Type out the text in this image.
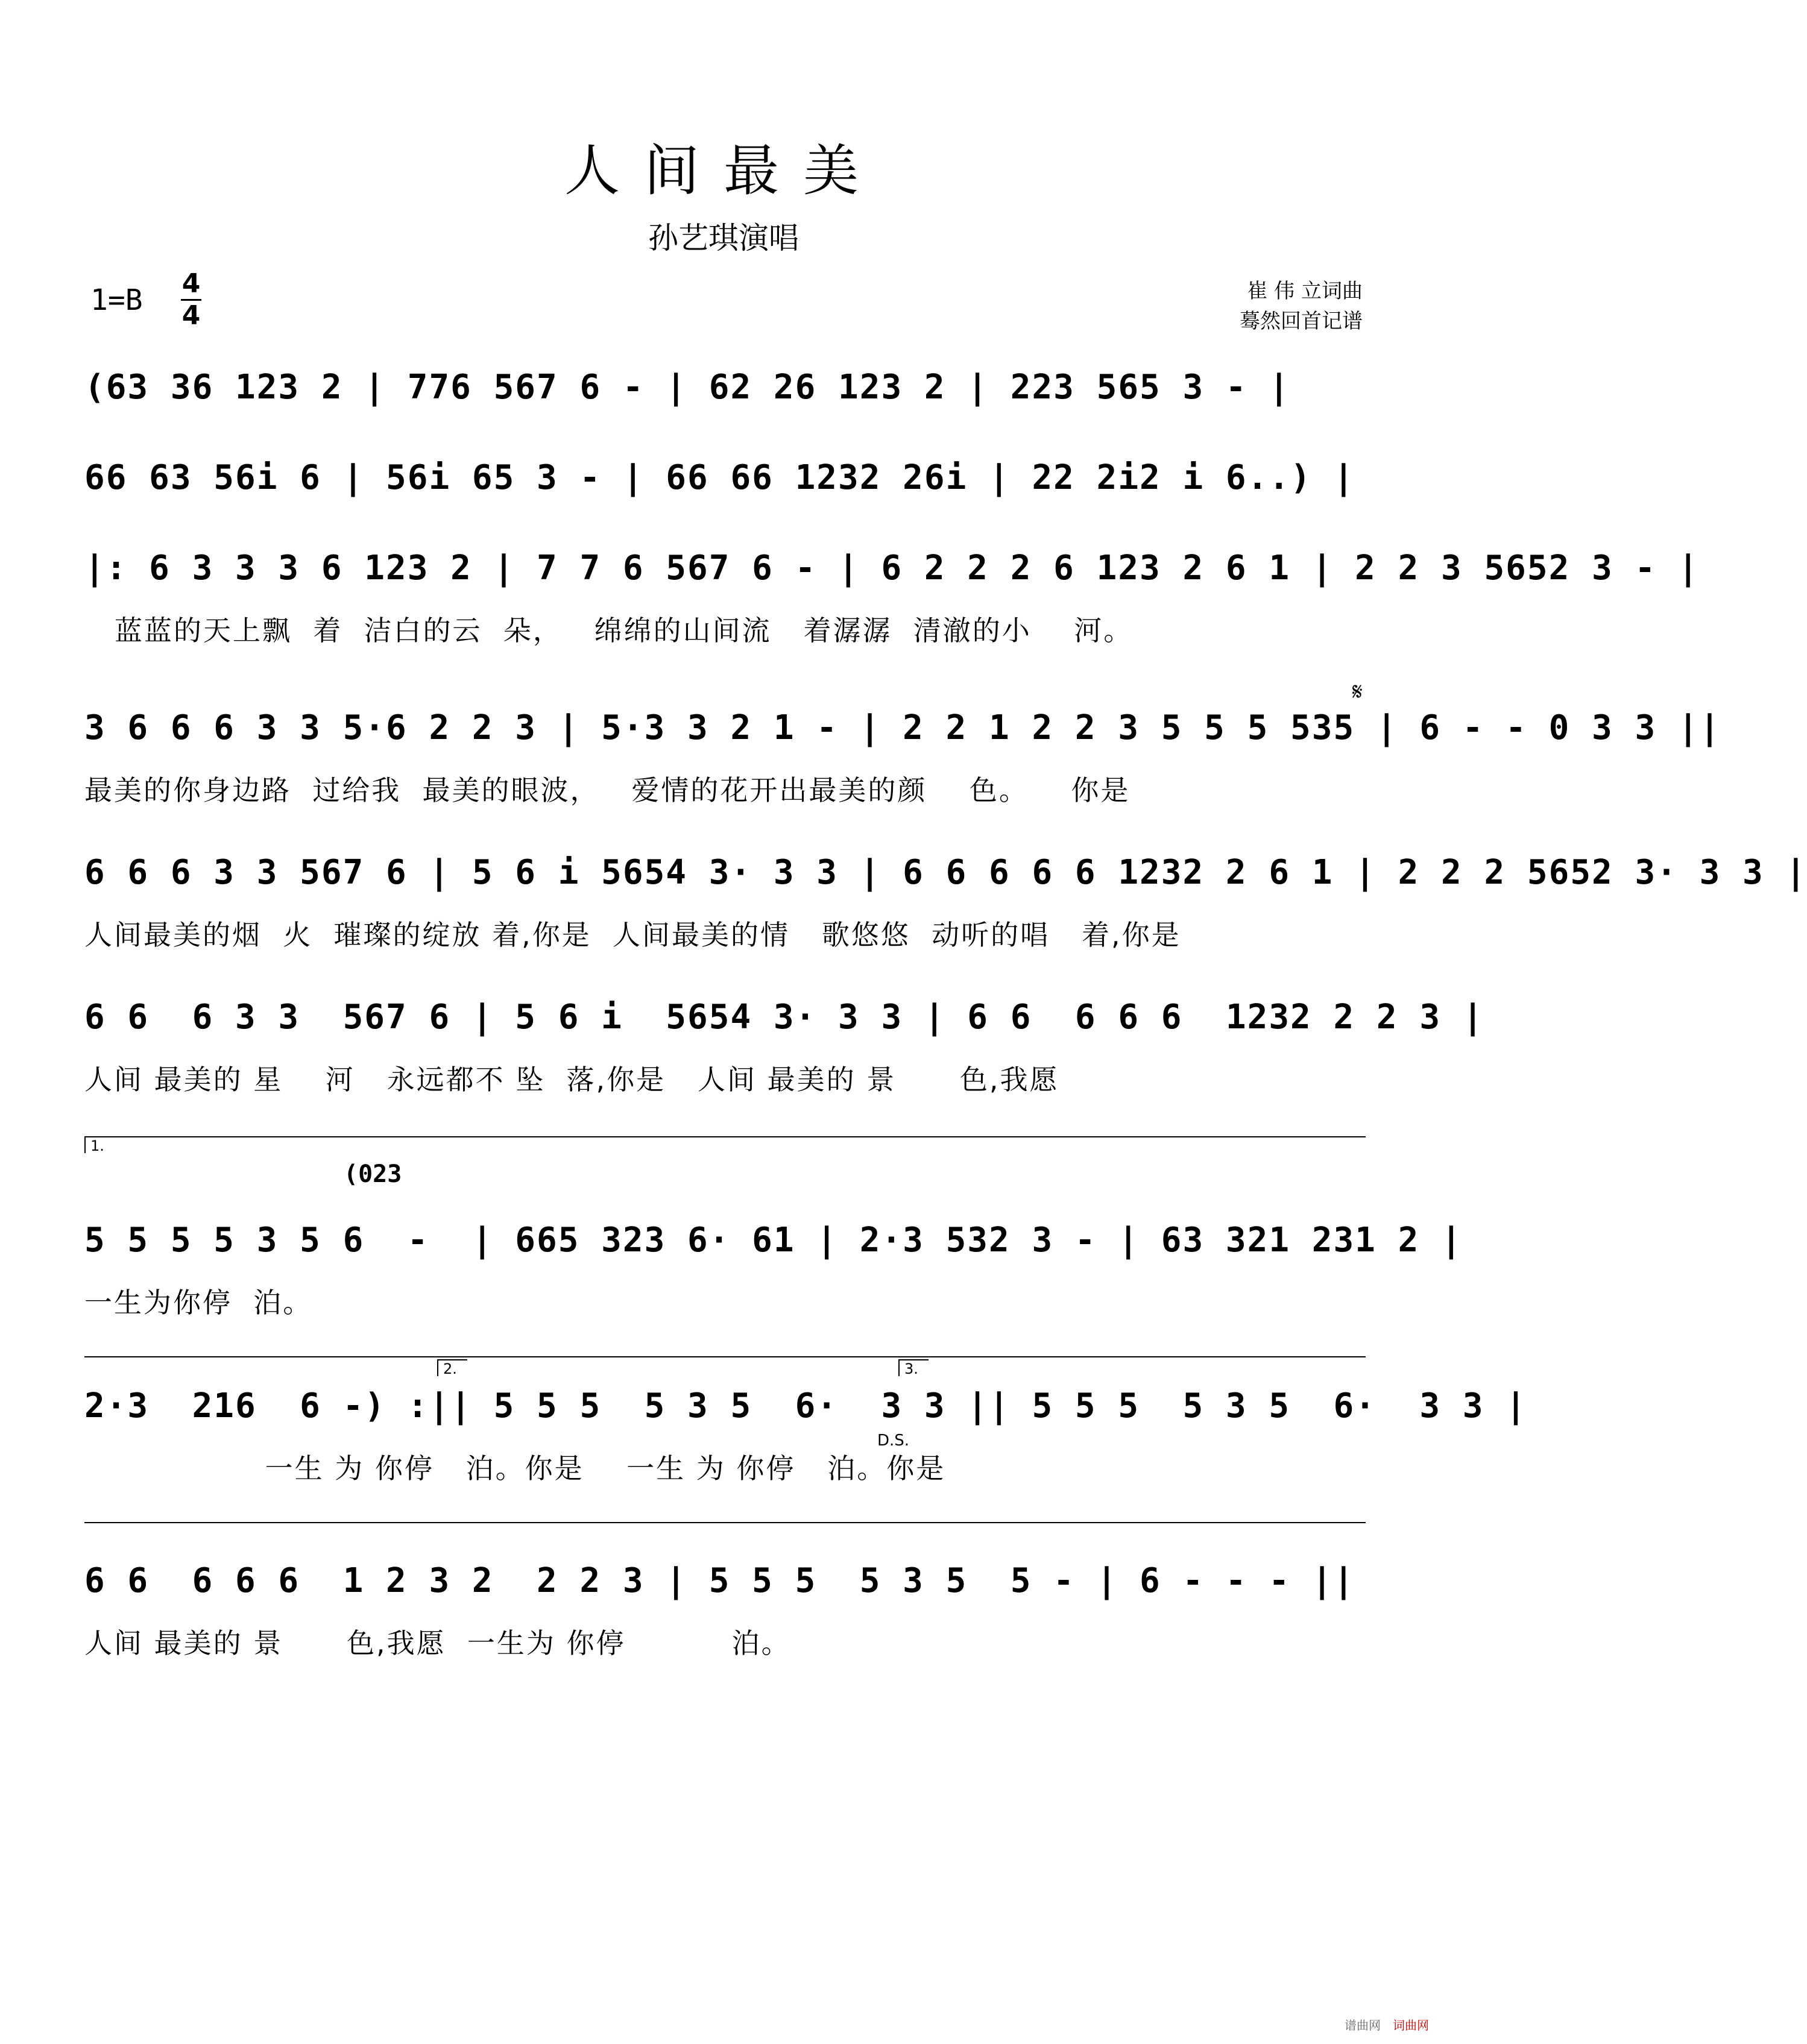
人间最美
孙艺琪演唱
1=B 4
4
崔 伟 立词曲
蓦然回首记谱
(63 36 123 2 | 776 567 6 - | 62 26 123 2 | 223 565 3 - |
66 63 56i 6 | 56i 65 3 - | 66 66 1232 26i | 22 2i2 i 6..) |
|: 6 3 3 3 6 123 2 | 7 7 6 567 6 - | 6 2 2 2 6 123 2 6 1 | 2 2 3 5652 3 - |
蓝蓝的天上飘  着  洁白的云  朵，   绵绵的山间流   着潺潺  清澈的小    河。
𝄋
3 6 6 6 3 3 5·6 2 2 3 | 5·3 3 2 1 - | 2 2 1 2 2 3 5 5 5 535 | 6 - - 0 3 3 ||
最美的你身边路  过给我  最美的眼波，   爱情的花开出最美的颜    色。    你是
6 6 6 3 3 567 6 | 5 6 i 5654 3· 3 3 | 6 6 6 6 6 1232 2 6 1 | 2 2 2 5652 3· 3 3 |
人间最美的烟  火  璀璨的绽放 着,你是  人间最美的情   歌悠悠  动听的唱   着,你是
6 6  6 3 3  567 6 | 5 6 i  5654 3· 3 3 | 6 6  6 6 6  1232 2 2 3 |
人间 最美的 星    河   永远都不 坠  落,你是   人间 最美的 景      色,我愿
1.
(023
5 5 5 5 3 5 6  -  | 665 323 6· 61 | 2·3 532 3 - | 63 321 231 2 |
一生为你停  泊。
2.	3.
2·3  216  6 -) :|| 5 5 5  5 3 5  6·  3 3 || 5 5 5  5 3 5  6·  3 3 |
一生 为 你停   泊。你是    一生 为 你停   泊。你是
D.S.
6 6  6 6 6  1 2 3 2  2 2 3 | 5 5 5  5 3 5  5 - | 6 - - - ||
人间 最美的 景      色,我愿  一生为 你停          泊。
谱曲网 词曲网
